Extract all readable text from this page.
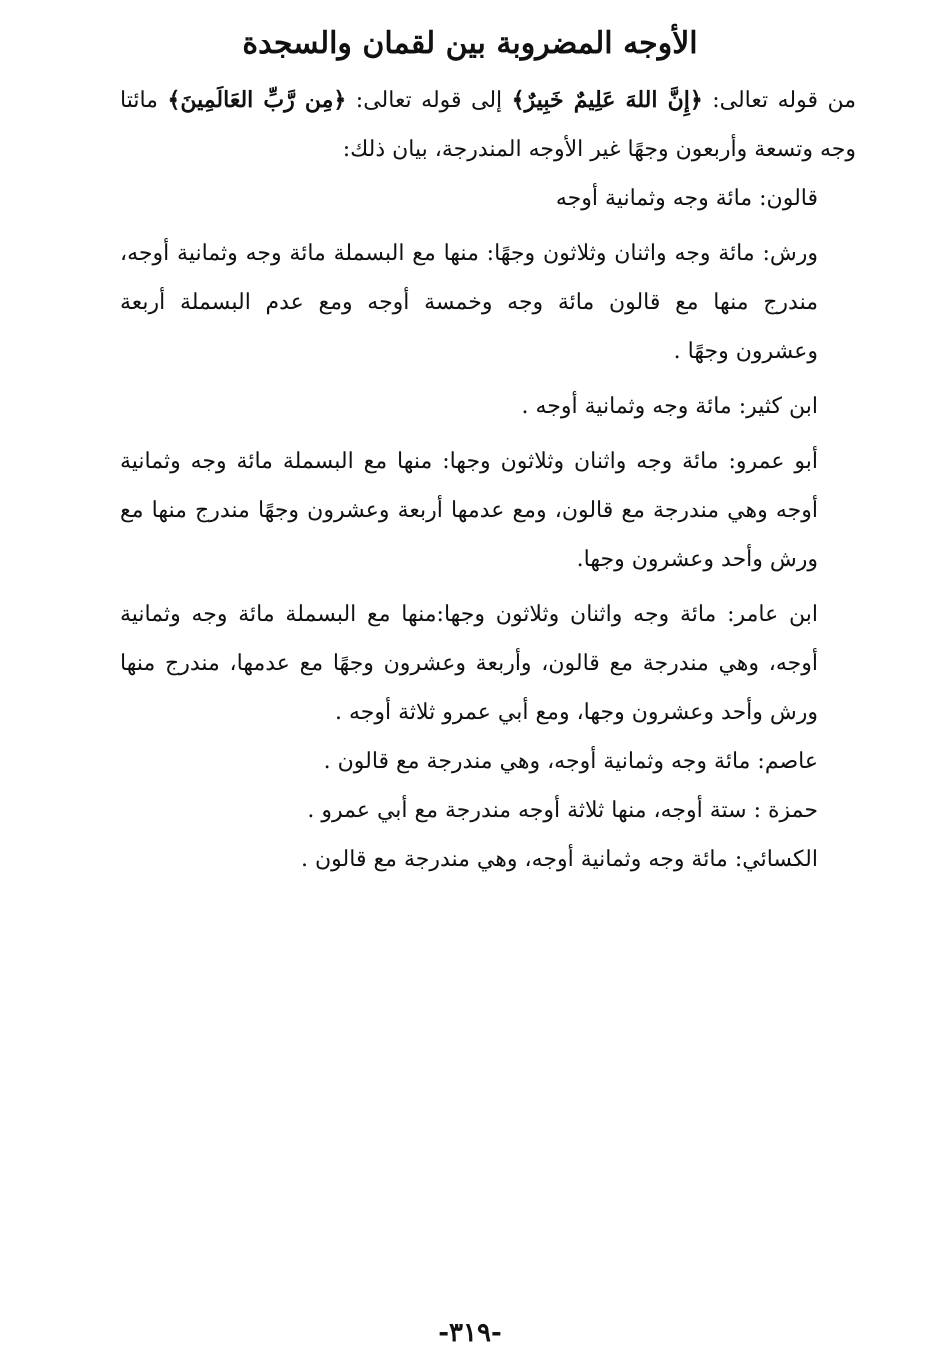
الأوجه المضروبة بين لقمان والسجدة

من قوله تعالى: ﴿إِنَّ اللهَ عَلِيمٌ خَبِيرٌ﴾ إلى قوله تعالى: ﴿مِن رَّبِّ العَالَمِينَ﴾ مائتا وجه وتسعة وأربعون وجهًا غير الأوجه المندرجة، بيان ذلك:

قالون: مائة وجه وثمانية أوجه

ورش: مائة وجه واثنان وثلاثون وجهًا: منها مع البسملة مائة وجه وثمانية أوجه، مندرج منها مع قالون مائة وجه وخمسة أوجه ومع عدم البسملة أربعة وعشرون وجهًا .

ابن كثير: مائة وجه وثمانية أوجه .

أبو عمرو: مائة وجه واثنان وثلاثون وجها: منها مع البسملة مائة وجه وثمانية أوجه وهي مندرجة مع قالون، ومع عدمها أربعة وعشرون وجهًا مندرج منها مع ورش وأحد وعشرون وجها.

ابن عامر: مائة وجه واثنان وثلاثون وجها:منها مع البسملة مائة وجه وثمانية أوجه، وهي مندرجة مع قالون، وأربعة وعشرون وجهًا مع عدمها، مندرج منها ورش وأحد وعشرون وجها، ومع أبي عمرو ثلاثة أوجه .

عاصم: مائة وجه وثمانية أوجه، وهي مندرجة مع قالون .

حمزة : ستة أوجه، منها ثلاثة أوجه مندرجة مع أبي عمرو .

الكسائي: مائة وجه وثمانية أوجه، وهي مندرجة مع قالون .

-٣١٩-
